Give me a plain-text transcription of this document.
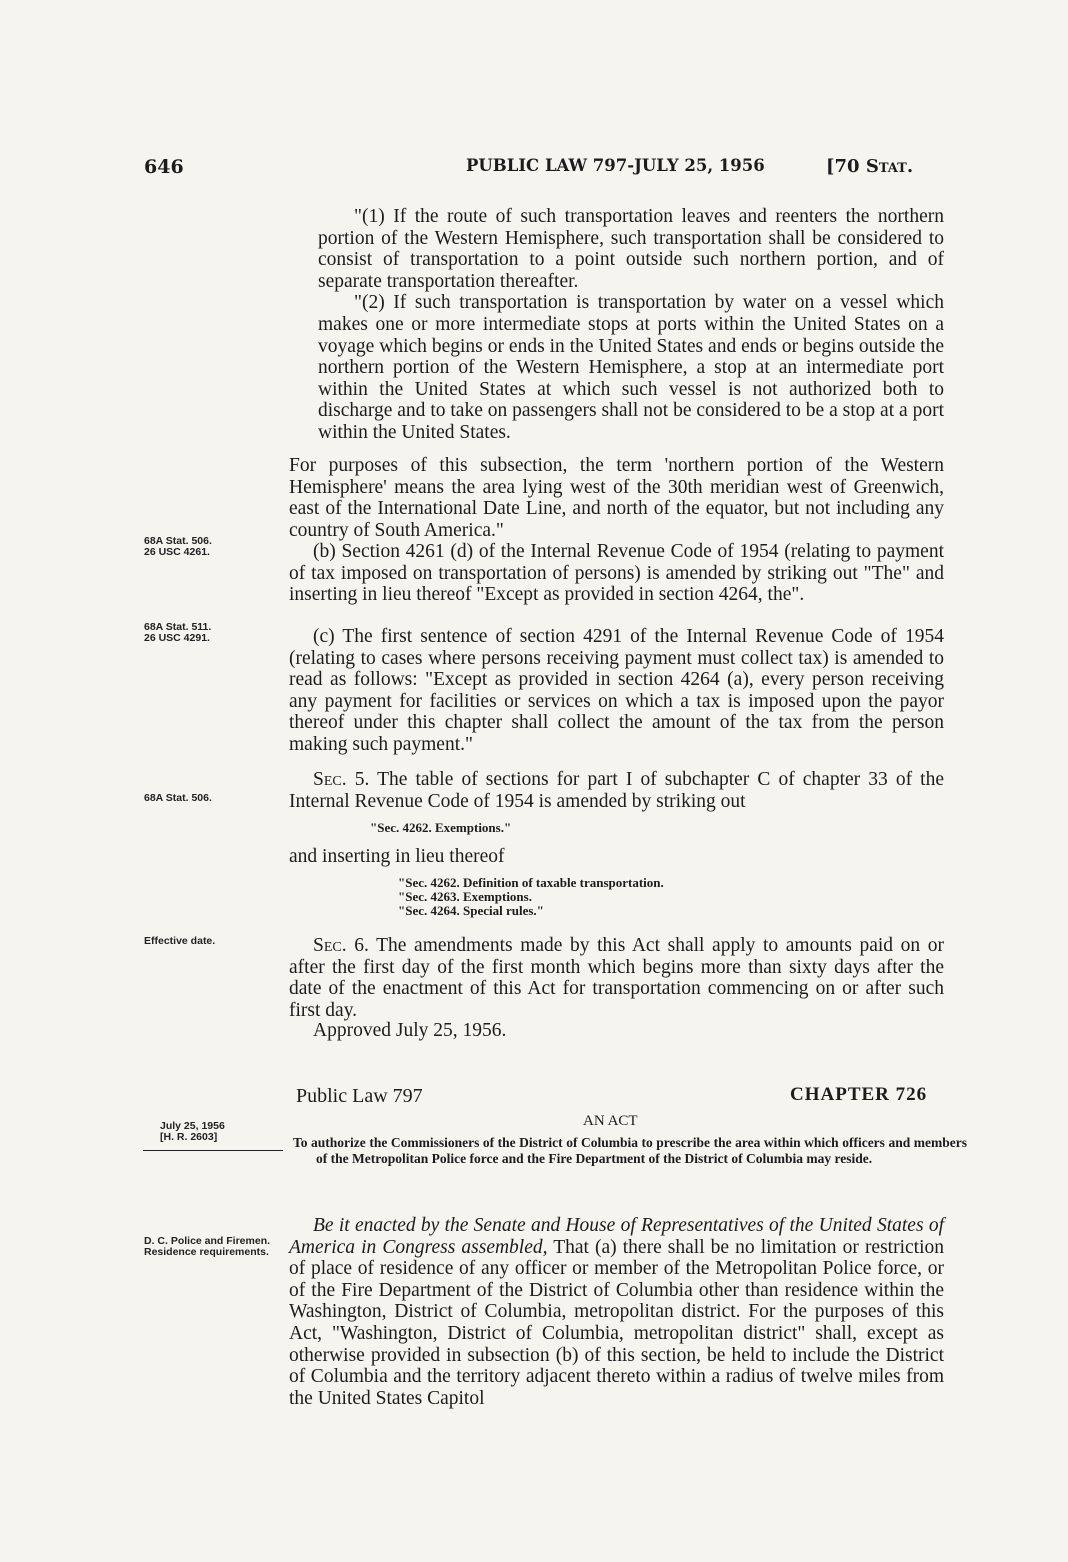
646	PUBLIC LAW 797-JULY 25, 1956	[70 Stat.

"(1) If the route of such transportation leaves and reenters the northern portion of the Western Hemisphere, such transportation shall be considered to consist of transportation to a point outside such northern portion, and of separate transportation thereafter.

"(2) If such transportation is transportation by water on a vessel which makes one or more intermediate stops at ports within the United States on a voyage which begins or ends in the United States and ends or begins outside the northern portion of the Western Hemisphere, a stop at an intermediate port within the United States at which such vessel is not authorized both to discharge and to take on passengers shall not be considered to be a stop at a port within the United States.

For purposes of this subsection, the term 'northern portion of the Western Hemisphere' means the area lying west of the 30th meridian west of Greenwich, east of the International Date Line, and north of the equator, but not including any country of South America."

68A Stat. 506.
26 USC 4261.	(b) Section 4261 (d) of the Internal Revenue Code of 1954 (relating to payment of tax imposed on transportation of persons) is amended by striking out "The" and inserting in lieu thereof "Except as provided in section 4264, the".

68A Stat. 511.
26 USC 4291.	(c) The first sentence of section 4291 of the Internal Revenue Code of 1954 (relating to cases where persons receiving payment must collect tax) is amended to read as follows: "Except as provided in section 4264 (a), every person receiving any payment for facilities or services on which a tax is imposed upon the payor thereof under this chapter shall collect the amount of the tax from the person making such payment."

68A Stat. 506.

Sec. 5. The table of sections for part I of subchapter C of chapter 33 of the Internal Revenue Code of 1954 is amended by striking out

"Sec. 4262. Exemptions."
and inserting in lieu thereof
"Sec. 4262. Definition of taxable transportation.
"Sec. 4263. Exemptions.
"Sec. 4264. Special rules."
Effective date.	Sec. 6. The amendments made by this Act shall apply to amounts paid on or after the first day of the first month which begins more than sixty days after the date of the enactment of this Act for transportation commencing on or after such first day.

Approved July 25, 1956.
Public Law 797	CHAPTER 726
AN ACT
July 25, 1956
[H. R. 2603]	To authorize the Commissioners of the District of Columbia to prescribe the area within which officers and members of the Metropolitan Police force and the Fire Department of the District of Columbia may reside.

D. C. Police and Firemen.
Residence requirements.

Be it enacted by the Senate and House of Representatives of the United States of America in Congress assembled, That (a) there shall be no limitation or restriction of place of residence of any officer or member of the Metropolitan Police force, or of the Fire Department of the District of Columbia other than residence within the Washington, District of Columbia, metropolitan district. For the purposes of this Act, "Washington, District of Columbia, metropolitan district" shall, except as otherwise provided in subsection (b) of this section, be held to include the District of Columbia and the territory adjacent thereto within a radius of twelve miles from the United States Capitol
